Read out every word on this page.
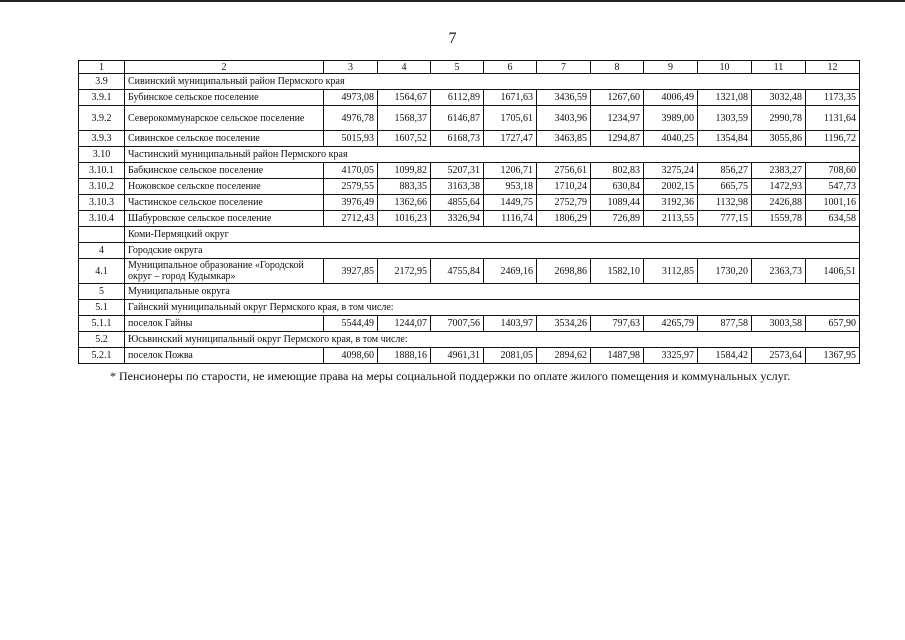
7
1	2	3	4	5	6	7	8	9	10	11	12
3.9	Сивинский муниципальный район Пермского края										
3.9.1	Бубинское сельское поселение	4973,08	1564,67	6112,89	1671,63	3436,59	1267,60	4006,49	1321,08	3032,48	1173,35
3.9.2	Северокоммунарское сельское поселение	4976,78	1568,37	6146,87	1705,61	3403,96	1234,97	3989,00	1303,59	2990,78	1131,64
3.9.3	Сивинское сельское поселение	5015,93	1607,52	6168,73	1727,47	3463,85	1294,87	4040,25	1354,84	3055,86	1196,72
3.10	Частинский муниципальный район Пермского края										
3.10.1	Бабкинское сельское поселение	4170,05	1099,82	5207,31	1206,71	2756,61	802,83	3275,24	856,27	2383,27	708,60
3.10.2	Ножовское сельское поселение	2579,55	883,35	3163,38	953,18	1710,24	630,84	2002,15	665,75	1472,93	547,73
3.10.3	Частинское сельское поселение	3976,49	1362,66	4855,64	1449,75	2752,79	1089,44	3192,36	1132,98	2426,88	1001,16
3.10.4	Шабуровское сельское поселение	2712,43	1016,23	3326,94	1116,74	1806,29	726,89	2113,55	777,15	1559,78	634,58
	Коми-Пермяцкий округ										
4	Городские округа										
4.1	Муниципальное образование «Городской округ – город Кудымкар»	3927,85	2172,95	4755,84	2469,16	2698,86	1582,10	3112,85	1730,20	2363,73	1406,51
5	Муниципальные округа										
5.1	Гайнский муниципальный округ Пермского края, в том числе:										
5.1.1	поселок Гайны	5544,49	1244,07	7007,56	1403,97	3534,26	797,63	4265,79	877,58	3003,58	657,90
5.2	Юсьвинский муниципальный округ Пермского края, в том числе:										
5.2.1	поселок Пожва	4098,60	1888,16	4961,31	2081,05	2894,62	1487,98	3325,97	1584,42	2573,64	1367,95
* Пенсионеры по старости, не имеющие права на меры социальной поддержки по оплате жилого помещения и коммунальных услуг.
